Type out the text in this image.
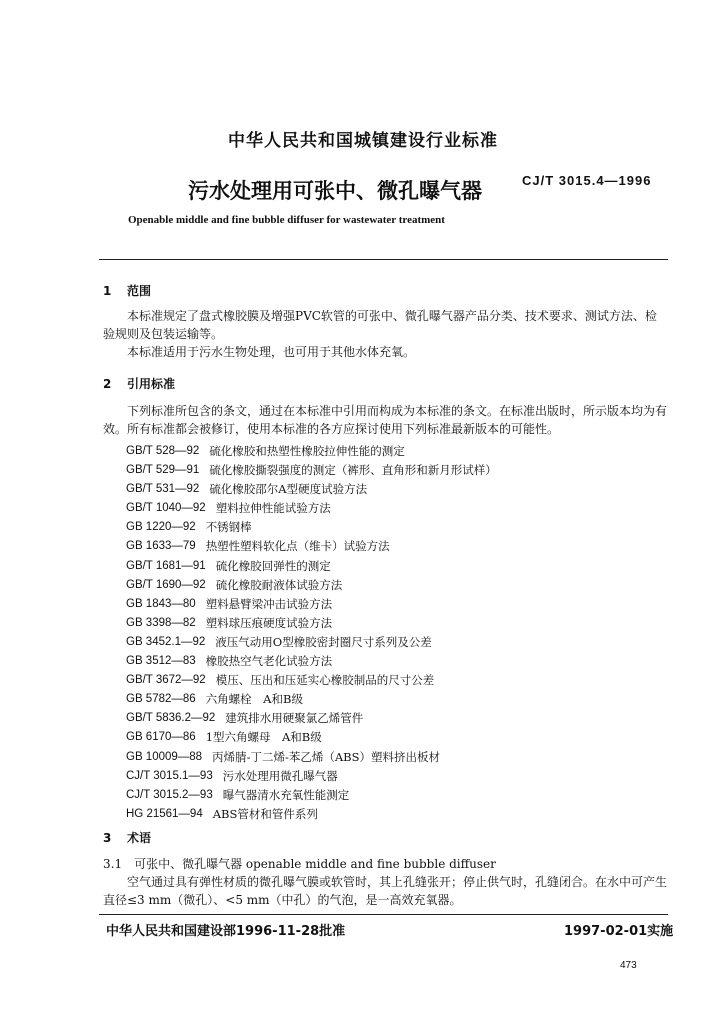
中华人民共和国城镇建设行业标准
污水处理用可张中、微孔曝气器	CJ/T 3015.4—1996
Openable middle and fine bubble diffuser for wastewater treatment
1 范围

本标准规定了盘式橡胶膜及增强PVC软管的可张中、微孔曝气器产品分类、技术要求、测试方法、检验规则及包装运输等。

本标准适用于污水生物处理，也可用于其他水体充氧。

2 引用标准

下列标准所包含的条文，通过在本标准中引用而构成为本标准的条文。在标准出版时，所示版本均为有效。所有标准都会被修订，使用本标准的各方应探讨使用下列标准最新版本的可能性。

GB/T 528—92 硫化橡胶和热塑性橡胶拉伸性能的测定
GB/T 529—91 硫化橡胶撕裂强度的测定（裤形、直角形和新月形试样）
GB/T 531—92 硫化橡胶邵尔A型硬度试验方法
GB/T 1040—92 塑料拉伸性能试验方法
GB 1220—92 不锈钢棒
GB 1633—79 热塑性塑料软化点（维卡）试验方法
GB/T 1681—91 硫化橡胶回弹性的测定
GB/T 1690—92 硫化橡胶耐液体试验方法
GB 1843—80 塑料悬臂梁冲击试验方法
GB 3398—82 塑料球压痕硬度试验方法
GB 3452.1—92 液压气动用O型橡胶密封圈尺寸系列及公差
GB 3512—83 橡胶热空气老化试验方法
GB/T 3672—92 模压、压出和压延实心橡胶制品的尺寸公差
GB 5782—86 六角螺栓　A和B级
GB/T 5836.2—92 建筑排水用硬聚氯乙烯管件
GB 6170—86 1型六角螺母　A和B级
GB 10009—88 丙烯腈-丁二烯-苯乙烯（ABS）塑料挤出板材
CJ/T 3015.1—93 污水处理用微孔曝气器
CJ/T 3015.2—93 曝气器清水充氧性能测定
HG 21561—94 ABS管材和管件系列
3 术语

3.1　可张中、微孔曝气器 openable middle and fine bubble diffuser

空气通过具有弹性材质的微孔曝气膜或软管时，其上孔缝张开；停止供气时，孔缝闭合。在水中可产生直径≤3 mm（微孔）、<5 mm（中孔）的气泡，是一高效充氧器。

中华人民共和国建设部1996-11-28批准	1997-02-01实施
473
